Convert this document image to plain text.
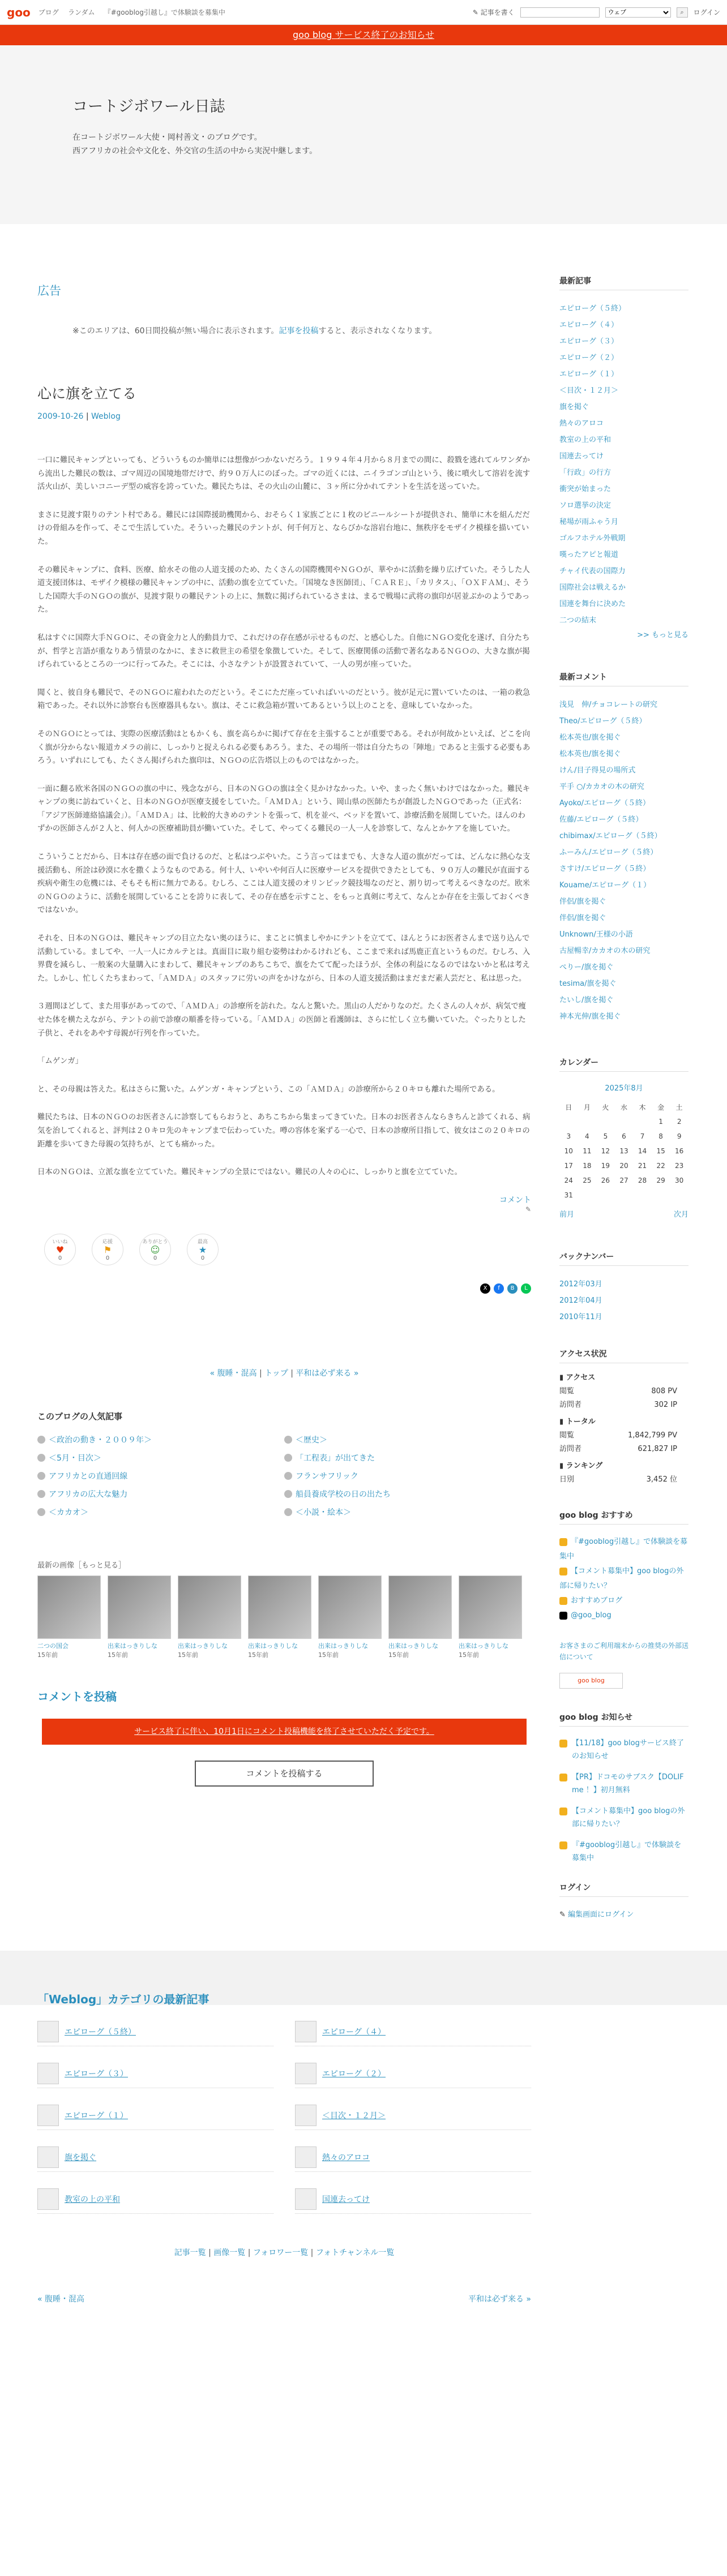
goo ブログ ランダム 『#gooblog引越し』で体験談を募集中	✎ 記事を書く
ウェブ	⌕	ログイン
goo blog サービス終了のお知らせ
コートジボワール日誌
在コートジボワール大使・岡村善文・のブログです。
西アフリカの社会や文化を、外交官の生活の中から実況中継します。
広告
※このエリアは、60日間投稿が無い場合に表示されます。記事を投稿すると、表示されなくなります。
心に旗を立てる
2009-10-26 | Weblog

一口に難民キャンプといっても、どういうものか簡単には想像がつかないだろう。１９９４年４月から８月までの間に、殺戮を逃れてルワンダから流出した難民の数は、ゴマ周辺の国境地帯だけで、約９０万人にのぼった。ゴマの近くには、ニイラゴンゴ山という、後に噴火して溶岩を流す活火山が、美しいコニーデ型の威容を誇っていた。難民たちは、その火山の山麓に、３ヶ所に分かれてテントを生活を送っていた。

まさに見渡す限りのテント村である。難民には国際援助機関から、おそらく１家族ごとに１枚のビニールシートが提供され、簡単に木を組んだだけの骨組みを作って、そこで生活していた。そういった難民のテントが、何千何万と、ならびかな溶岩台地に、無秩序をモザイク模様を描いていた。

その難民キャンプに、食料、医療、給水その他の人道支援のため、たくさんの国際機関やＮＧＯが、華やかに活動を繰り広げていた。そうした人道支援団体は、モザイク模様の難民キャンプの中に、活動の旗を立てていた。「国境なき医師団」、「ＣＡＲＥ」、「カリタス」、「ＯＸＦＡＭ」、そうした国際大手のＮＧＯの旗が、見渡す限りの難民テントの上に、無数に掲げられているさまは、まるで戦場に武将の旗印が居並ぶかのようであった。

私はすぐに国際大手ＮＧＯに、その資金力と人的動員力で、これだけの存在感が示せるものだ、と感心した。自他にＮＧＯ変化を遂げ、自分たちが、哲学と言語が重なりあう情景のなかに、まさに救世主の希望を象徴していた。そして、医療関係の活動で著名なあるＮＧＯの、大きな旗が掲げられているところの一つに行ってみた。そこには、小さなテントが設置されていて、一人の男が座っていた。

聞くと、彼自身も難民で、そのＮＧＯに雇われたのだという。そこにただ座っていればいいのだという。彼が足元に置いていたのは、一箱の救急箱であった。それ以外に診察台も医療器具もない。旗は、そこに救急箱が置いてあるという以上のことを、意味していなかった。

そのＮＧＯにとっては、実際の医療活動はともかくも、旗を高らかに掲げて存在を主張することが重要である。それが何故かといえば、どこを向く旗が分からない報道カメラの前に、しっかりと捉えられる必要もあろう。また、その場所一帯は自分たちの「陣地」であると主張する必要もあろう。いずれにしても、たくさん掲げられた旗印は、ＮＧＯの広告塔以上のものではなかった。

一面に翻る欧米各国のＮＧＯの旗の中に、残念ながら、日本のＮＧＯの旗は全く見かけなかった。いや、まったく無いわけではなかった。難民キャンプの奥に訪ねていくと、日本のＮＧＯが医療支援をしていた。「ＡＭＤＡ」という、岡山県の医師たちが創設したＮＧＯであった（正式名：「アジア医師連絡協議会」）。「ＡＭＤＡ」は、比較的大きめのテントを張って、机を並べ、ベッドを置いて、診療活動を展開していた。ほんのわずかの医師さんが２人と、何人かの医療補助員が働いていた。そして、やってくる難民の一人一人を診察して、なんとかケアを施していた。

こういうことだから、日本は存在感の面で負けるのだ、と私はつぶやいた。こう言ってはまでも、大きな人道の旗がだっては、どんなに熱心な支援活動も、所詮は砂漠に水を撒くようなものである。何十人、いやいや何百人に医療サービスを提供できたとしても、９０万人の難民が直面する疾病や衛生の危機には、そもそも桁に無力である。むしろ、ここは人道支援のオリンピック競技場なのだと、割り切って考えるべきなのだ。欧米のＮＧＯのように、活動を展開していることを誇りに表して、その存在感を示すこと、をもっと真剣に考えて、なんとか存在を主張しておくべきではないか。

それを、日本のＮＧＯは、難民キャンプの目立たない奥のほうに、まことに慎ましやかにテントを立てて、ほんとうにお医者さんまで送り込んで活動している。ましてや、一人一人にカルテとは。真面目に取り組む姿勢はわかるけれども、ここまで来れば馬鹿正直というものだ。むしろ、入界費を減らし、一般案の大量購入にまわして、難民キャンプのあちこちで、旗をたてて配ったほうが、全体の利益になるのではないかと私は考えた。しかし、忙しくたちまわって、「ＡＭＤＡ」のスタッフに労いの声をかけながら、日本の人道支援活動はまだまだ素人芸だと、私は思った。

３週間ほどして、また用事があってので、「ＡＭＤＡ」の診療所を訪れた。なんと驚いた。黒山の人だかりなのだ。たくさんの人々が、病気で痩せた体を横たえながら、テントの前で診療の順番を待っている。「ＡＭＤＡ」の医師と看護師は、さらに忙しく立ち働いていた。ぐったりとした子供と、それをあやす母親が行列を作っていた。

「ムゲンガ」

と、その母親は答えた。私はさらに驚いた。ムゲンガ・キャンプという、この「ＡＭＤＡ」の診療所から２０キロも離れた場所である。

難民たちは、日本のＮＧＯのお医者さんに診察してもらおうと、あちこちから集まってきていた。日本のお医者さんならきちんと診てくれる、病気を治してくれると、評判は２０キロ先のキャンプまで伝わっていた。噂の容体を案ずる一心で、日本の診療所目指して、彼女はこの２０キロの距離を歩いてきた母親の気持ちが、とても痛かった。

日本のＮＧＯは、立派な旗を立てていた。難民キャンプの全景にではない。難民の人々の心に、しっかりと旗を立てていた。

コメント
✎
いいね
♥
0
応援
⚑
0
ありがとう
☺
0
最高
★
0
X	f	B	L
« 腹睡・混高 | トップ | 平和は必ず来る »
このブログの人気記事
＜政治の動き・２００９年＞	＜歴史＞
＜5月・目次＞	「工程表」が出てきた
アフリカとの直通回線	フランサフリック
アフリカの広大な魅力	船員養成学校の日の出たち
＜カカオ＞	＜小説・絵本＞
最新の画像［もっと見る］
二つの国会
15年前
出来はっきりしな
15年前
出来はっきりしな
15年前
出来はっきりしな
15年前
出来はっきりしな
15年前
出来はっきりしな
15年前
出来はっきりしな
15年前
コメントを投稿
サービス終了に伴い、10月1日にコメント投稿機能を終了させていただく予定です。
コメントを投稿する
最新記事
エピローグ（５終）
エピローグ（４）
エピローグ（３）
エピローグ（２）
エピローグ（１）
＜目次・１２月＞
旗を掲ぐ
熱々のアロコ
教室の上の平和
国連去ってけ
「行政」の行方
衝突が始まった
ソロ選挙の決定
秘場が雨ふゃう月
ゴルフホテル外戦期
嘆ったアピと報道
チャイ代表の国際力
国際社会は戦えるか
国連を舞台に決めた
二つの結末
>> もっと見る
最新コメント
浅見　伸/チョコレートの研究
Theo/エピローグ（５終）
松本英也/旗を掲ぐ
松本英也/旗を掲ぐ
けん/目子得見の場所式
平手 ○/カカオの木の研究
Ayoko/エピローグ（５終）
佐藤/エピローグ（５終）
chibimax/エピローグ（５終）
ふーみん/エピローグ（５終）
さすけ/エピローグ（５終）
Kouame/エピローグ（１）
伴侶/旗を掲ぐ
伴侶/旗を掲ぐ
Unknown/王様の小語
古屋暢幸/カカオの木の研究
ぺりー/旗を掲ぐ
tesima/旗を掲ぐ
たいし/旗を掲ぐ
神本光伸/旗を掲ぐ
カレンダー
2025年8月
日	月	火	水	木	金	土
					1	2
3	4	5	6	7	8	9
10	11	12	13	14	15	16
17	18	19	20	21	22	23
24	25	26	27	28	29	30
31						
前月	次月
バックナンバー
2012年03月
2012年04月
2010年11月
アクセス状況
▮ アクセス
閲覧	808 PV
訪問者	302 IP
▮ トータル
閲覧	1,842,799 PV
訪問者	621,827 IP
▮ ランキング
日別	3,452 位
goo blog おすすめ
『#gooblog引越し』で体験談を募集中
【コメント募集中】goo blogの外部に帰りたい？
おすすめブログ
@goo_blog
お客さまのご利用端末からの推奨の外部送信について
goo blog
goo blog お知らせ
【11/18】goo blogサービス終了のお知らせ
【PR】ドコモのサブスク【DOLIF me ！】初月無料
【コメント募集中】goo blogの外部に帰りたい？
『#gooblog引越し』で体験談を募集中
ログイン
✎ 編集画面にログイン
「Weblog」カテゴリの最新記事
エピローグ（５終）	エピローグ（４）
エピローグ（３）	エピローグ（２）
エピローグ（１）	＜目次・１２月＞
旗を掲ぐ	熱々のアロコ
教室の上の平和	国連去ってけ
記事一覧 | 画像一覧 | フォロワー一覧 | フォトチャンネル一覧
« 腹睡・混高	平和は必ず来る »
